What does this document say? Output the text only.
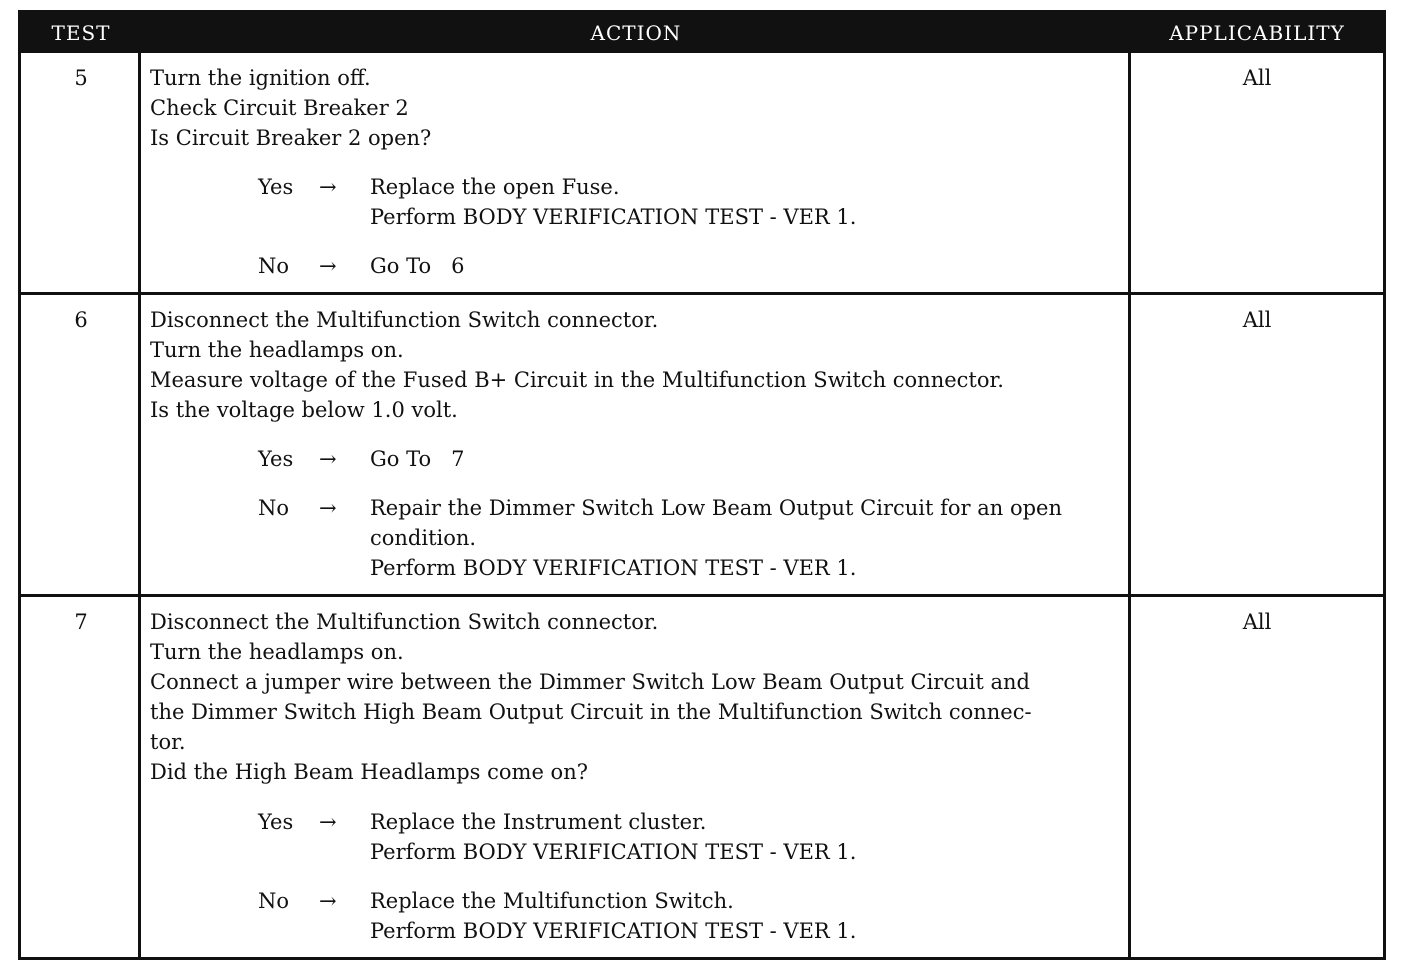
TEST	ACTION	APPLICABILITY
5	Turn the ignition off.
Check Circuit Breaker 2
Is Circuit Breaker 2 open?
Yes → Replace the open Fuse.
Perform BODY VERIFICATION TEST - VER 1.
No → Go To   6
All
6	Disconnect the Multifunction Switch connector.
Turn the headlamps on.
Measure voltage of the Fused B+ Circuit in the Multifunction Switch connector.
Is the voltage below 1.0 volt.
Yes → Go To   7
No → Repair the Dimmer Switch Low Beam Output Circuit for an open
condition.
Perform BODY VERIFICATION TEST - VER 1.
All
7	Disconnect the Multifunction Switch connector.
Turn the headlamps on.
Connect a jumper wire between the Dimmer Switch Low Beam Output Circuit and
the Dimmer Switch High Beam Output Circuit in the Multifunction Switch connec-
tor.
Did the High Beam Headlamps come on?
Yes → Replace the Instrument cluster.
Perform BODY VERIFICATION TEST - VER 1.
No → Replace the Multifunction Switch.
Perform BODY VERIFICATION TEST - VER 1.
All
